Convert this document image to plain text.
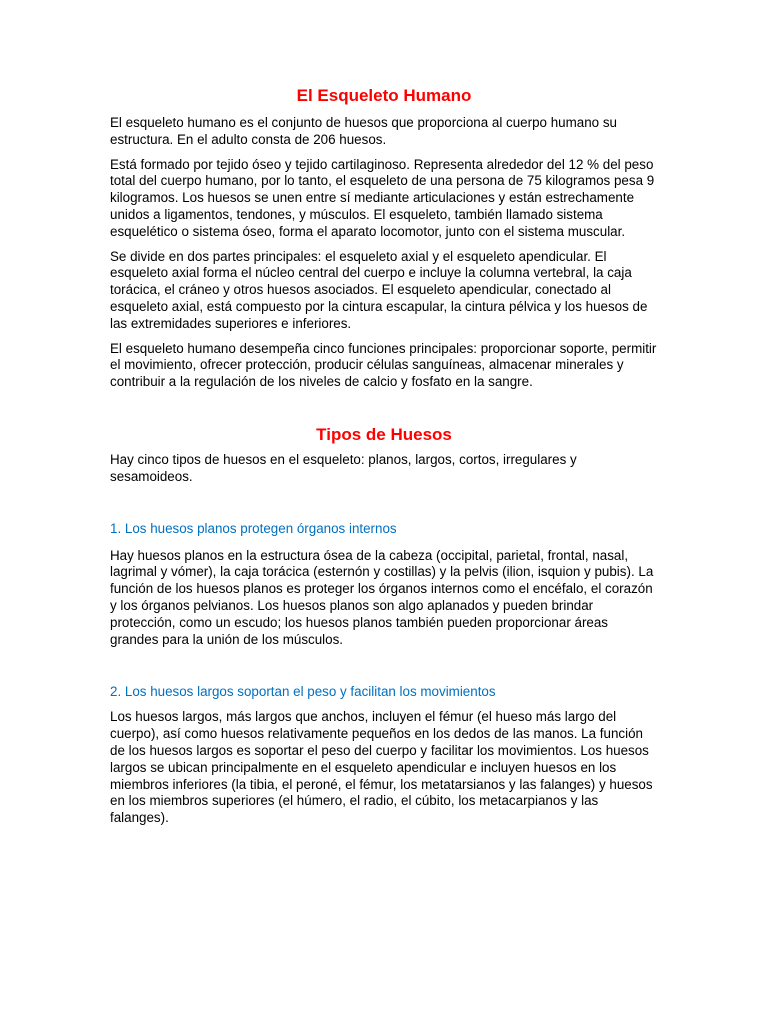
El Esqueleto Humano

El esqueleto humano es el conjunto de huesos que proporciona al cuerpo humano su estructura. En el adulto consta de 206 huesos.

Está formado por tejido óseo y tejido cartilaginoso. Representa alrededor del 12 % del peso total del cuerpo humano, por lo tanto, el esqueleto de una persona de 75 kilogramos pesa 9 kilogramos. Los huesos se unen entre sí mediante articulaciones y están estrechamente unidos a ligamentos, tendones, y músculos. El esqueleto, también llamado sistema esquelético o sistema óseo, forma el aparato locomotor, junto con el sistema muscular.

Se divide en dos partes principales: el esqueleto axial y el esqueleto apendicular. El esqueleto axial forma el núcleo central del cuerpo e incluye la columna vertebral, la caja torácica, el cráneo y otros huesos asociados. El esqueleto apendicular, conectado al esqueleto axial, está compuesto por la cintura escapular, la cintura pélvica y los huesos de las extremidades superiores e inferiores.

El esqueleto humano desempeña cinco funciones principales: proporcionar soporte, permitir el movimiento, ofrecer protección, producir células sanguíneas, almacenar minerales y contribuir a la regulación de los niveles de calcio y fosfato en la sangre.

Tipos de Huesos

Hay cinco tipos de huesos en el esqueleto: planos, largos, cortos, irregulares y sesamoideos.

1. Los huesos planos protegen órganos internos

Hay huesos planos en la estructura ósea de la cabeza (occipital, parietal, frontal, nasal, lagrimal y vómer), la caja torácica (esternón y costillas) y la pelvis (ilion, isquion y pubis). La función de los huesos planos es proteger los órganos internos como el encéfalo, el corazón y los órganos pelvianos. Los huesos planos son algo aplanados y pueden brindar protección, como un escudo; los huesos planos también pueden proporcionar áreas grandes para la unión de los músculos.

2. Los huesos largos soportan el peso y facilitan los movimientos

Los huesos largos, más largos que anchos, incluyen el fémur (el hueso más largo del cuerpo), así como huesos relativamente pequeños en los dedos de las manos. La función de los huesos largos es soportar el peso del cuerpo y facilitar los movimientos. Los huesos largos se ubican principalmente en el esqueleto apendicular e incluyen huesos en los miembros inferiores (la tibia, el peroné, el fémur, los metatarsianos y las falanges) y huesos en los miembros superiores (el húmero, el radio, el cúbito, los metacarpianos y las falanges).
